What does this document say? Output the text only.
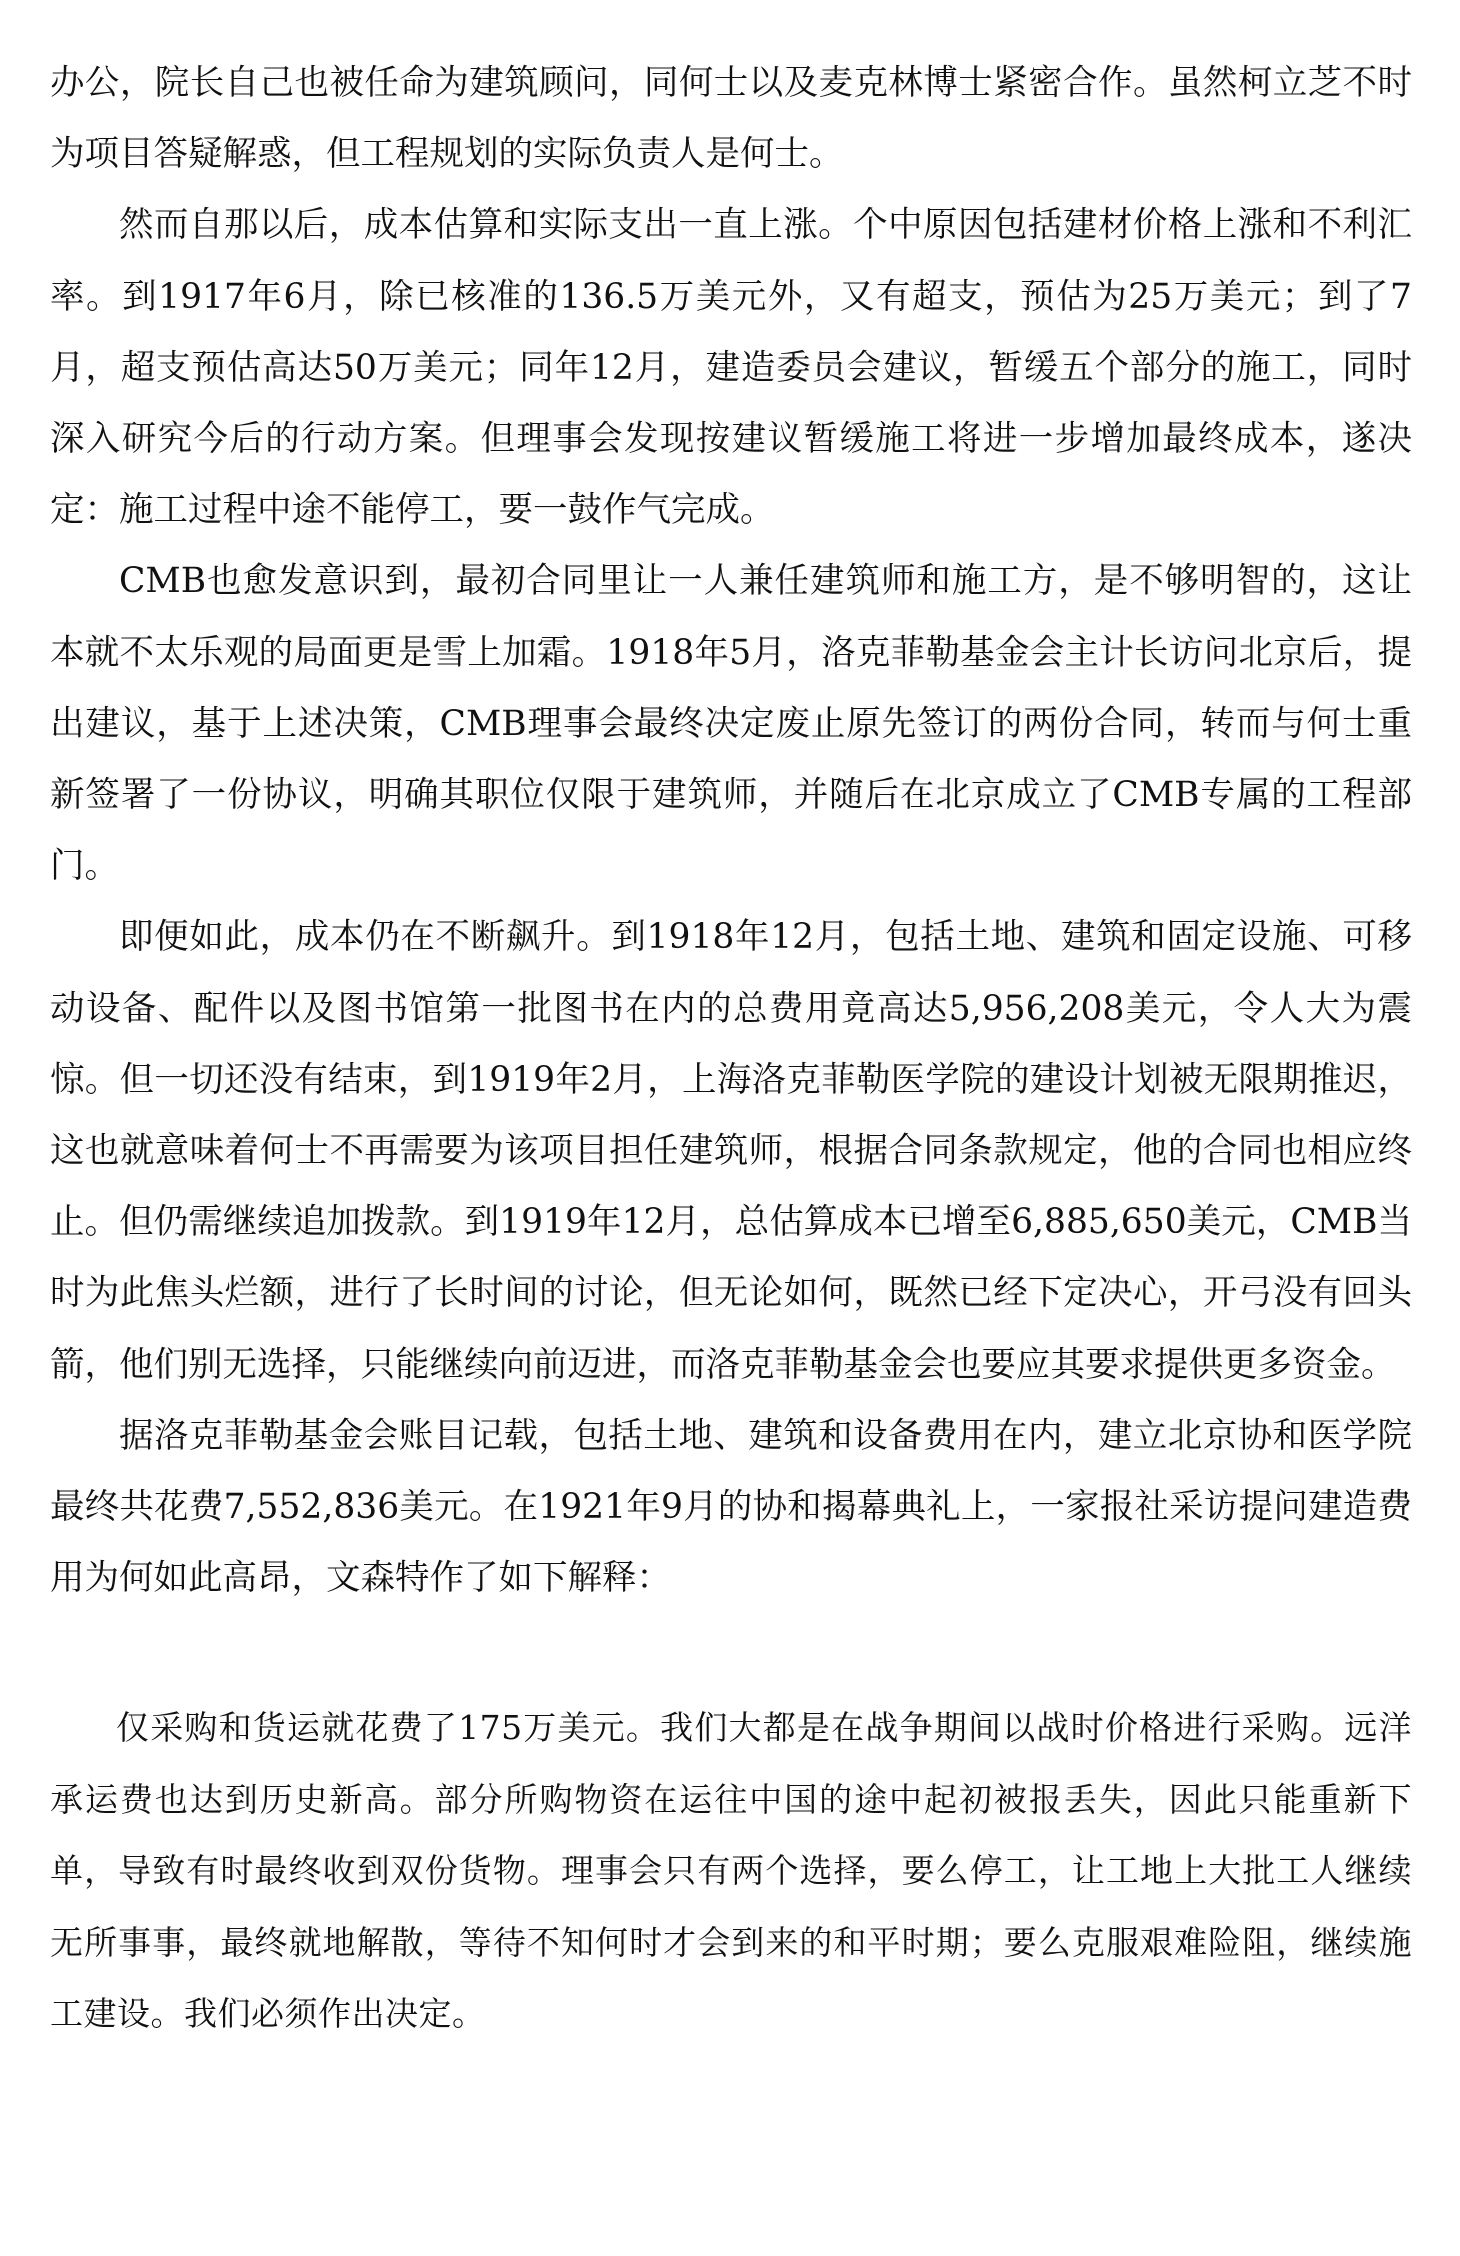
办公，院长自己也被任命为建筑顾问，同何士以及麦克林博士紧密合作。虽然柯立芝不时为项目答疑解惑，但工程规划的实际负责人是何士。

然而自那以后，成本估算和实际支出一直上涨。个中原因包括建材价格上涨和不利汇率。到1917年6月，除已核准的136.5万美元外，又有超支，预估为25万美元；到了7月，超支预估高达50万美元；同年12月，建造委员会建议，暂缓五个部分的施工，同时深入研究今后的行动方案。但理事会发现按建议暂缓施工将进一步增加最终成本，遂决定：施工过程中途不能停工，要一鼓作气完成。

CMB也愈发意识到，最初合同里让一人兼任建筑师和施工方，是不够明智的，这让本就不太乐观的局面更是雪上加霜。1918年5月，洛克菲勒基金会主计长访问北京后，提出建议，基于上述决策，CMB理事会最终决定废止原先签订的两份合同，转而与何士重新签署了一份协议，明确其职位仅限于建筑师，并随后在北京成立了CMB专属的工程部门。

即便如此，成本仍在不断飙升。到1918年12月，包括土地、建筑和固定设施、可移动设备、配件以及图书馆第一批图书在内的总费用竟高达5,956,208美元，令人大为震惊。但一切还没有结束，到1919年2月，上海洛克菲勒医学院的建设计划被无限期推迟，这也就意味着何士不再需要为该项目担任建筑师，根据合同条款规定，他的合同也相应终止。但仍需继续追加拨款。到1919年12月，总估算成本已增至6,885,650美元，CMB当时为此焦头烂额，进行了长时间的讨论，但无论如何，既然已经下定决心，开弓没有回头箭，他们别无选择，只能继续向前迈进，而洛克菲勒基金会也要应其要求提供更多资金。

据洛克菲勒基金会账目记载，包括土地、建筑和设备费用在内，建立北京协和医学院最终共花费7,552,836美元。在1921年9月的协和揭幕典礼上，一家报社采访提问建造费用为何如此高昂，文森特作了如下解释：

仅采购和货运就花费了175万美元。我们大都是在战争期间以战时价格进行采购。远洋承运费也达到历史新高。部分所购物资在运往中国的途中起初被报丢失，因此只能重新下单，导致有时最终收到双份货物。理事会只有两个选择，要么停工，让工地上大批工人继续无所事事，最终就地解散，等待不知何时才会到来的和平时期；要么克服艰难险阻，继续施工建设。我们必须作出决定。
